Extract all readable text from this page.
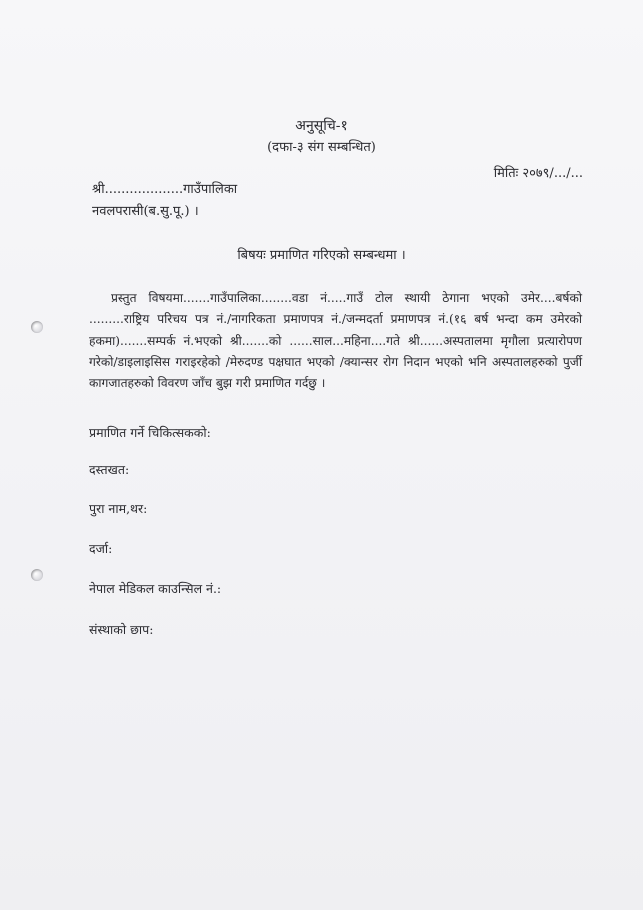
अनुसूचि-१
(दफा-३ संग सम्बन्धित)
मितिः २०७९/.../...
श्री...................गाउँपालिका
नवलपरासी(ब.सु.पू.) ।
बिषयः प्रमाणित गरिएको सम्बन्धमा ।
प्रस्तुत विषयमा.......गाउँपालिका........वडा नं.....गाउँ टोल स्थायी ठेगाना भएको उमेर....बर्षको .........राष्ट्रिय परिचय पत्र नं./नागरिकता प्रमाणपत्र नं./जन्मदर्ता प्रमाणपत्र नं.(१६ बर्ष भन्दा कम उमेरको हकमा).......सम्पर्क नं.भएको श्री.......को ......साल...महिना....गते श्री......अस्पतालमा मृगौला प्रत्यारोपण गरेको/डाइलाइसिस गराइरहेको /मेरुदण्ड पक्षघात भएको /क्यान्सर रोग निदान भएको भनि अस्पतालहरुको पुर्जी कागजातहरुको विवरण जाँच बुझ गरी प्रमाणित गर्दछु ।
प्रमाणित गर्ने चिकित्सकको:
दस्तखत:
पुरा नाम,थर:
दर्जा:
नेपाल मेडिकल काउन्सिल नं.:
संस्थाको छाप:
